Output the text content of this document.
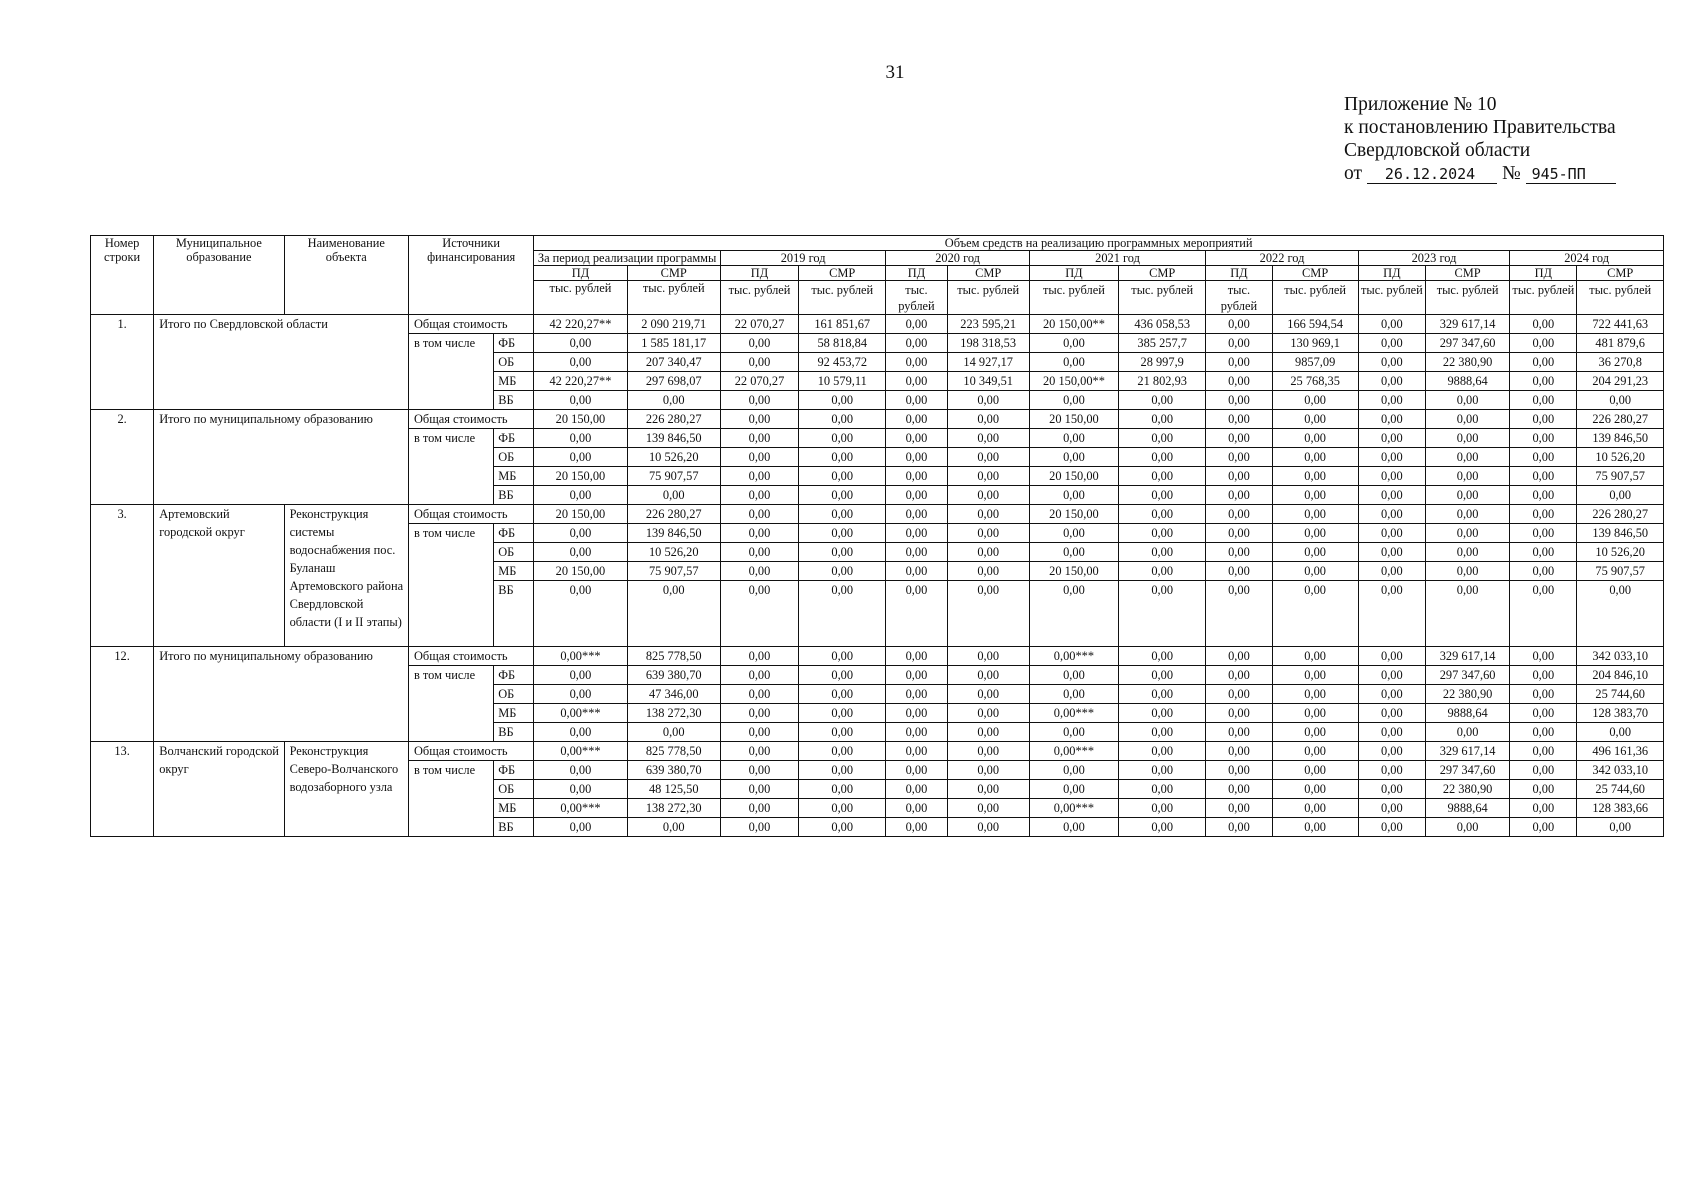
31
Приложение № 10
к постановлению Правительства
Свердловской области
от 26.12.2024 № 945-ПП
Номер строки	Муниципальное образование	Наименование объекта	Источники финансирования		Объем средств на реализацию программных мероприятий													
					За период реализации программы		2019 год		2020 год		2021 год		2022 год		2023 год		2024 год	
					ПД	СМР	ПД	СМР	ПД	СМР	ПД	СМР	ПД	СМР	ПД	СМР	ПД	СМР
					тыс. рублей	тыс. рублей	тыс. рублей	тыс. рублей	тыс. рублей	тыс. рублей	тыс. рублей	тыс. рублей	тыс. рублей	тыс. рублей	тыс. рублей	тыс. рублей	тыс. рублей	тыс. рублей
1.	Итого по Свердловской области		Общая стоимость		42 220,27**	2 090 219,71	22 070,27	161 851,67	0,00	223 595,21	20 150,00**	436 058,53	0,00	166 594,54	0,00	329 617,14	0,00	722 441,63
			в том числе	ФБ	0,00	1 585 181,17	0,00	58 818,84	0,00	198 318,53	0,00	385 257,7	0,00	130 969,1	0,00	297 347,60	0,00	481 879,6
				ОБ	0,00	207 340,47	0,00	92 453,72	0,00	14 927,17	0,00	28 997,9	0,00	9857,09	0,00	22 380,90	0,00	36 270,8
				МБ	42 220,27**	297 698,07	22 070,27	10 579,11	0,00	10 349,51	20 150,00**	21 802,93	0,00	25 768,35	0,00	9888,64	0,00	204 291,23
				ВБ	0,00	0,00	0,00	0,00	0,00	0,00	0,00	0,00	0,00	0,00	0,00	0,00	0,00	0,00
2.	Итого по муниципальному образованию		Общая стоимость		20 150,00	226 280,27	0,00	0,00	0,00	0,00	20 150,00	0,00	0,00	0,00	0,00	0,00	0,00	226 280,27
			в том числе	ФБ	0,00	139 846,50	0,00	0,00	0,00	0,00	0,00	0,00	0,00	0,00	0,00	0,00	0,00	139 846,50
				ОБ	0,00	10 526,20	0,00	0,00	0,00	0,00	0,00	0,00	0,00	0,00	0,00	0,00	0,00	10 526,20
				МБ	20 150,00	75 907,57	0,00	0,00	0,00	0,00	20 150,00	0,00	0,00	0,00	0,00	0,00	0,00	75 907,57
				ВБ	0,00	0,00	0,00	0,00	0,00	0,00	0,00	0,00	0,00	0,00	0,00	0,00	0,00	0,00
3.	Артемовский городской округ	Реконструкция системы водоснабжения пос. Буланаш Артемовского района Свердловской области (I и II этапы)	Общая стоимость		20 150,00	226 280,27	0,00	0,00	0,00	0,00	20 150,00	0,00	0,00	0,00	0,00	0,00	0,00	226 280,27
			в том числе	ФБ	0,00	139 846,50	0,00	0,00	0,00	0,00	0,00	0,00	0,00	0,00	0,00	0,00	0,00	139 846,50
				ОБ	0,00	10 526,20	0,00	0,00	0,00	0,00	0,00	0,00	0,00	0,00	0,00	0,00	0,00	10 526,20
				МБ	20 150,00	75 907,57	0,00	0,00	0,00	0,00	20 150,00	0,00	0,00	0,00	0,00	0,00	0,00	75 907,57
				ВБ	0,00	0,00	0,00	0,00	0,00	0,00	0,00	0,00	0,00	0,00	0,00	0,00	0,00	0,00
12.	Итого по муниципальному образованию		Общая стоимость		0,00***	825 778,50	0,00	0,00	0,00	0,00	0,00***	0,00	0,00	0,00	0,00	329 617,14	0,00	342 033,10
			в том числе	ФБ	0,00	639 380,70	0,00	0,00	0,00	0,00	0,00	0,00	0,00	0,00	0,00	297 347,60	0,00	204 846,10
				ОБ	0,00	47 346,00	0,00	0,00	0,00	0,00	0,00	0,00	0,00	0,00	0,00	22 380,90	0,00	25 744,60
				МБ	0,00***	138 272,30	0,00	0,00	0,00	0,00	0,00***	0,00	0,00	0,00	0,00	9888,64	0,00	128 383,70
				ВБ	0,00	0,00	0,00	0,00	0,00	0,00	0,00	0,00	0,00	0,00	0,00	0,00	0,00	0,00
13.	Волчанский городской округ	Реконструкция Северо-Волчанского водозаборного узла	Общая стоимость		0,00***	825 778,50	0,00	0,00	0,00	0,00	0,00***	0,00	0,00	0,00	0,00	329 617,14	0,00	496 161,36
			в том числе	ФБ	0,00	639 380,70	0,00	0,00	0,00	0,00	0,00	0,00	0,00	0,00	0,00	297 347,60	0,00	342 033,10
				ОБ	0,00	48 125,50	0,00	0,00	0,00	0,00	0,00	0,00	0,00	0,00	0,00	22 380,90	0,00	25 744,60
				МБ	0,00***	138 272,30	0,00	0,00	0,00	0,00	0,00***	0,00	0,00	0,00	0,00	9888,64	0,00	128 383,66
				ВБ	0,00	0,00	0,00	0,00	0,00	0,00	0,00	0,00	0,00	0,00	0,00	0,00	0,00	0,00
